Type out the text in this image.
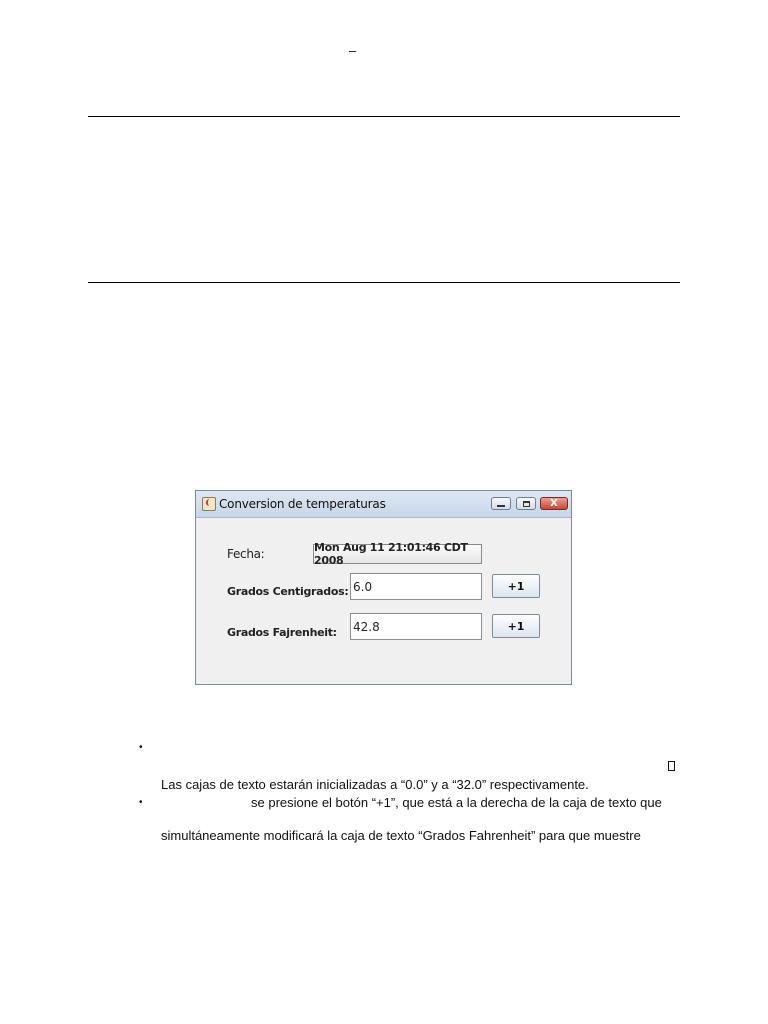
–
Conversion de temperaturas	X
Fecha:	Mon Aug 11 21:01:46 CDT 2008
Grados Centigrados: 6.0	+1
Grados Fajrenheit: 42.8	+1
•
Las cajas de texto estarán inicializadas a “0.0” y a “32.0” respectivamente.
•	se presione el botón “+1”, que está a la derecha de la caja de texto que
simultáneamente modificará la caja de texto “Grados Fahrenheit” para que muestre
